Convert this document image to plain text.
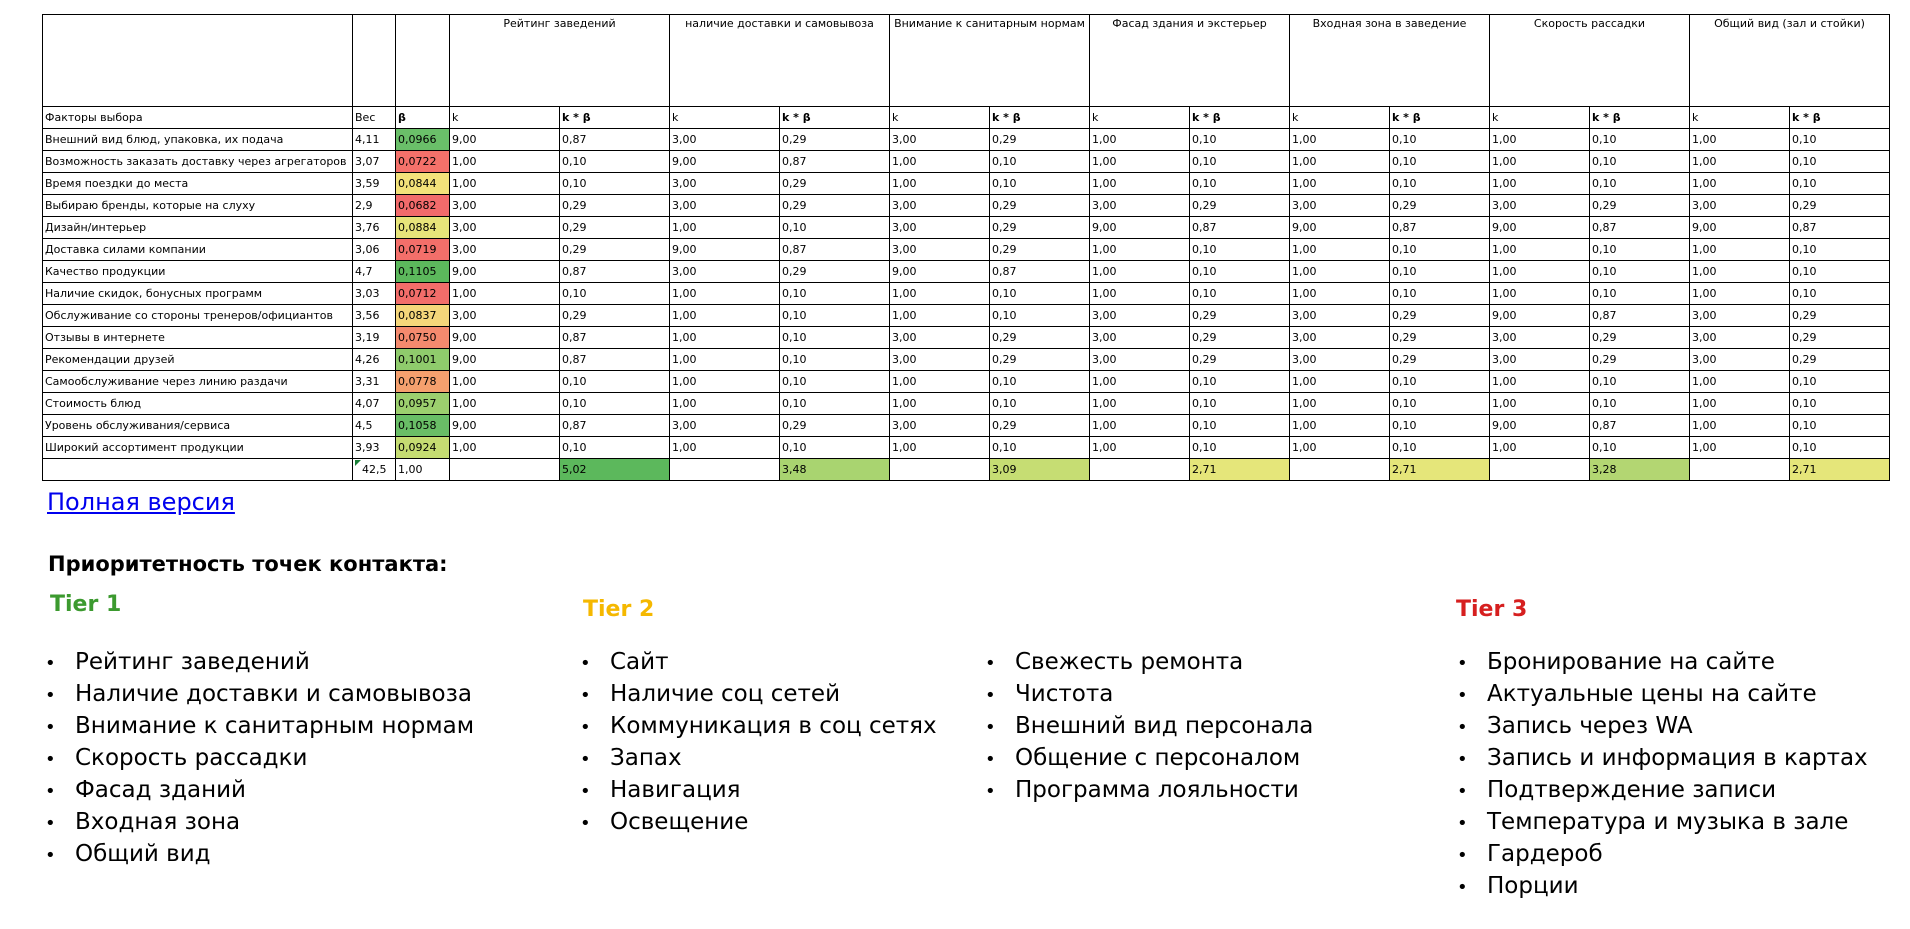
			Рейтинг заведений		наличие доставки и самовывоза		Внимание к санитарным нормам		Фасад здания и экстерьер		Входная зона в заведение		Скорость рассадки		Общий вид (зал и стойки)	
Факторы выбора	Вес	β	k	k * β	k	k * β	k	k * β	k	k * β	k	k * β	k	k * β	k	k * β
Внешний вид блюд, упаковка, их подача	4,11	0,0966	9,00	0,87	3,00	0,29	3,00	0,29	1,00	0,10	1,00	0,10	1,00	0,10	1,00	0,10
Возможность заказать доставку через агрегаторов	3,07	0,0722	1,00	0,10	9,00	0,87	1,00	0,10	1,00	0,10	1,00	0,10	1,00	0,10	1,00	0,10
Время поездки до места	3,59	0,0844	1,00	0,10	3,00	0,29	1,00	0,10	1,00	0,10	1,00	0,10	1,00	0,10	1,00	0,10
Выбираю бренды, которые на слуху	2,9	0,0682	3,00	0,29	3,00	0,29	3,00	0,29	3,00	0,29	3,00	0,29	3,00	0,29	3,00	0,29
Дизайн/интерьер	3,76	0,0884	3,00	0,29	1,00	0,10	3,00	0,29	9,00	0,87	9,00	0,87	9,00	0,87	9,00	0,87
Доставка силами компании	3,06	0,0719	3,00	0,29	9,00	0,87	3,00	0,29	1,00	0,10	1,00	0,10	1,00	0,10	1,00	0,10
Качество продукции	4,7	0,1105	9,00	0,87	3,00	0,29	9,00	0,87	1,00	0,10	1,00	0,10	1,00	0,10	1,00	0,10
Наличие скидок, бонусных программ	3,03	0,0712	1,00	0,10	1,00	0,10	1,00	0,10	1,00	0,10	1,00	0,10	1,00	0,10	1,00	0,10
Обслуживание со стороны тренеров/официантов	3,56	0,0837	3,00	0,29	1,00	0,10	1,00	0,10	3,00	0,29	3,00	0,29	9,00	0,87	3,00	0,29
Отзывы в интернете	3,19	0,0750	9,00	0,87	1,00	0,10	3,00	0,29	3,00	0,29	3,00	0,29	3,00	0,29	3,00	0,29
Рекомендации друзей	4,26	0,1001	9,00	0,87	1,00	0,10	3,00	0,29	3,00	0,29	3,00	0,29	3,00	0,29	3,00	0,29
Самообслуживание через линию раздачи	3,31	0,0778	1,00	0,10	1,00	0,10	1,00	0,10	1,00	0,10	1,00	0,10	1,00	0,10	1,00	0,10
Стоимость блюд	4,07	0,0957	1,00	0,10	1,00	0,10	1,00	0,10	1,00	0,10	1,00	0,10	1,00	0,10	1,00	0,10
Уровень обслуживания/сервиса	4,5	0,1058	9,00	0,87	3,00	0,29	3,00	0,29	1,00	0,10	1,00	0,10	9,00	0,87	1,00	0,10
Широкий ассортимент продукции	3,93	0,0924	1,00	0,10	1,00	0,10	1,00	0,10	1,00	0,10	1,00	0,10	1,00	0,10	1,00	0,10
	42,5	1,00		5,02		3,48		3,09		2,71		2,71		3,28		2,71
Полная версия
Приоритетность точек контакта:
Tier 1	Tier 2	Tier 3
• Рейтинг заведений
• Наличие доставки и самовывоза
• Внимание к санитарным нормам
• Скорость рассадки
• Фасад зданий
• Входная зона
• Общий вид
• Сайт
• Наличие соц сетей
• Коммуникация в соц сетях
• Запах
• Навигация
• Освещение
• Свежесть ремонта
• Чистота
• Внешний вид персонала
• Общение с персоналом
• Программа лояльности
• Бронирование на сайте
• Актуальные цены на сайте
• Запись через WA
• Запись и информация в картах
• Подтверждение записи
• Температура и музыка в зале
• Гардероб
• Порции
